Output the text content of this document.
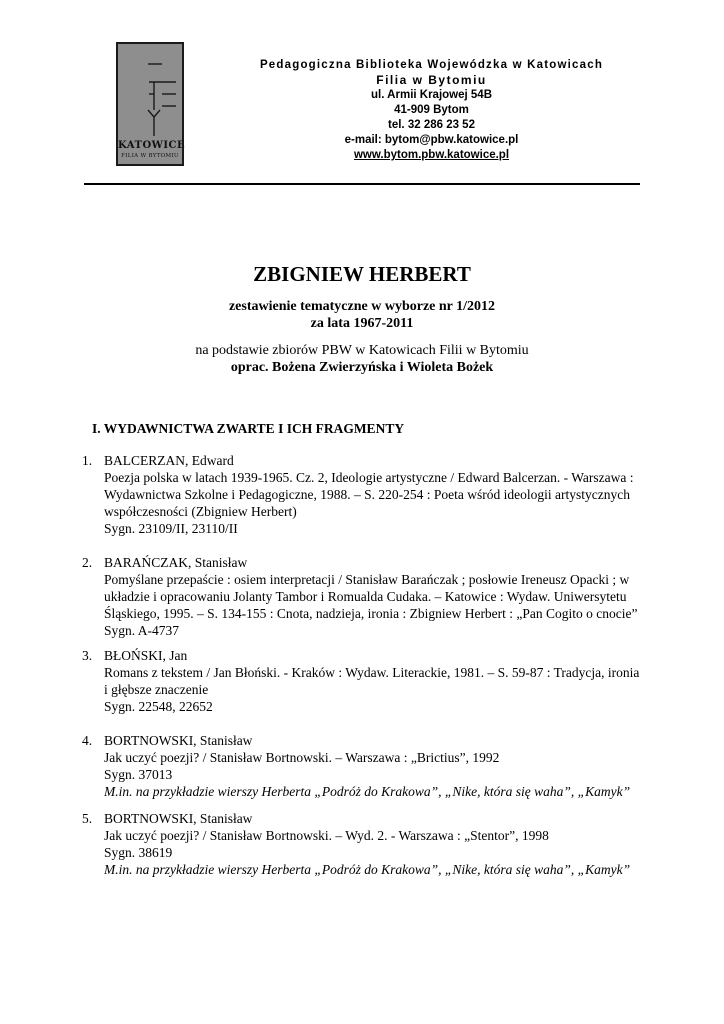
KATOWICE
FILIA W BYTOMIU
Pedagogiczna Biblioteka Wojewódzka w Katowicach
Filia w Bytomiu
ul. Armii Krajowej 54B
41-909 Bytom
tel. 32 286 23 52
e-mail: bytom@pbw.katowice.pl
www.bytom.pbw.katowice.pl
ZBIGNIEW HERBERT
zestawienie tematyczne w wyborze nr 1/2012
za lata 1967-2011
na podstawie zbiorów PBW w Katowicach Filii w Bytomiu
oprac. Bożena Zwierzyńska i Wioleta Bożek
I. WYDAWNICTWA ZWARTE I ICH FRAGMENTY
1. BALCERZAN, Edward
Poezja polska w latach 1939-1965. Cz. 2, Ideologie artystyczne / Edward Balcerzan. - Warszawa : Wydawnictwa Szkolne i Pedagogiczne, 1988. – S. 220-254 : Poeta wśród ideologii artystycznych współczesności (Zbigniew Herbert)
Sygn. 23109/II, 23110/II
2. BARAŃCZAK, Stanisław
Pomyślane przepaście : osiem interpretacji / Stanisław Barańczak ; posłowie Ireneusz Opacki ; w układzie i opracowaniu Jolanty Tambor i Romualda Cudaka. – Katowice : Wydaw. Uniwersytetu Śląskiego, 1995. – S. 134-155 : Cnota, nadzieja, ironia : Zbigniew Herbert : „Pan Cogito o cnocie”
Sygn. A-4737
3. BŁOŃSKI, Jan
Romans z tekstem / Jan Błoński. - Kraków : Wydaw. Literackie, 1981. – S. 59-87 : Tradycja, ironia i głębsze znaczenie
Sygn. 22548, 22652
4. BORTNOWSKI, Stanisław
Jak uczyć poezji? / Stanisław Bortnowski. – Warszawa : „Brictius”, 1992
Sygn. 37013
M.in. na przykładzie wierszy Herberta „Podróż do Krakowa”, „Nike, która się waha”, „Kamyk”
5. BORTNOWSKI, Stanisław
Jak uczyć poezji? / Stanisław Bortnowski. – Wyd. 2. - Warszawa : „Stentor”, 1998
Sygn. 38619
M.in. na przykładzie wierszy Herberta „Podróż do Krakowa”, „Nike, która się waha”, „Kamyk”
